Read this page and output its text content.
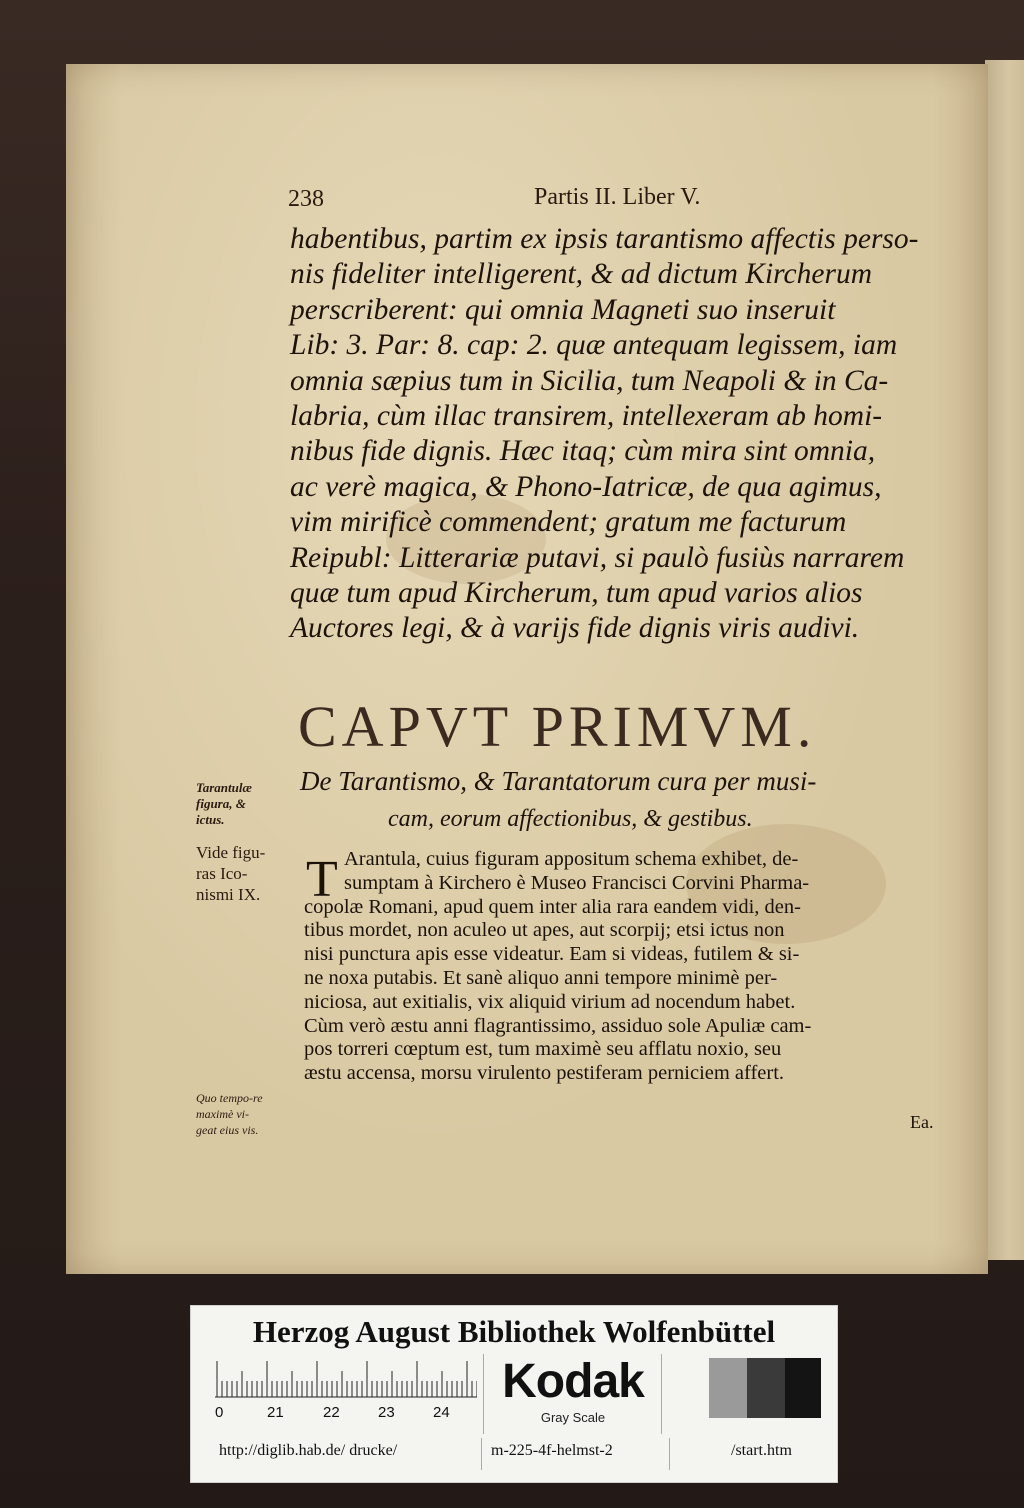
238	Partis II. Liber V.
habentibus, partim ex ipsis tarantismo affectis perso-
nis fideliter intelligerent, & ad dictum Kircherum
perscriberent: qui omnia Magneti suo inseruit
Lib: 3. Par: 8. cap: 2. quæ antequam legissem, iam
omnia sæpius tum in Sicilia, tum Neapoli & in Ca-
labria, cùm illac transirem, intellexeram ab homi-
nibus fide dignis. Hæc itaq; cùm mira sint omnia,
ac verè magica, & Phono-Iatricæ, de qua agimus,
vim mirificè commendent; gratum me facturum
Reipubl: Litterariæ putavi, si paulò fusiùs narrarem
quæ tum apud Kircherum, tum apud varios alios
Auctores legi, & à varijs fide dignis viris audivi.
CAPVT PRIMVM.
De Tarantismo, & Tarantatorum cura per musi-
cam, eorum affectionibus, & gestibus.
Tarantulæ
figura, &
ictus.
Vide figu-
ras Ico-
nismi IX.
Quo tempo-re
maximè vi-
geat eius vis.
T Arantula, cuius figuram appositum schema exhibet, de-
sumptam à Kirchero è Museo Francisci Corvini Pharma-
copolæ Romani, apud quem inter alia rara eandem vidi, den-
tibus mordet, non aculeo ut apes, aut scorpij; etsi ictus non
nisi punctura apis esse videatur. Eam si videas, futilem & si-
ne noxa putabis. Et sanè aliquo anni tempore minimè per-
niciosa, aut exitialis, vix aliquid virium ad nocendum habet.
Cùm verò æstu anni flagrantissimo, assiduo sole Apuliæ cam-
pos torreri cœptum est, tum maximè seu afflatu noxio, seu
æstu accensa, morsu virulento pestiferam perniciem affert.
Ea.
Herzog August Bibliothek Wolfenbüttel
0	21	22	23	24
Kodak
Gray Scale
http://diglib.hab.de/ drucke/	m-225-4f-helmst-2	/start.htm
